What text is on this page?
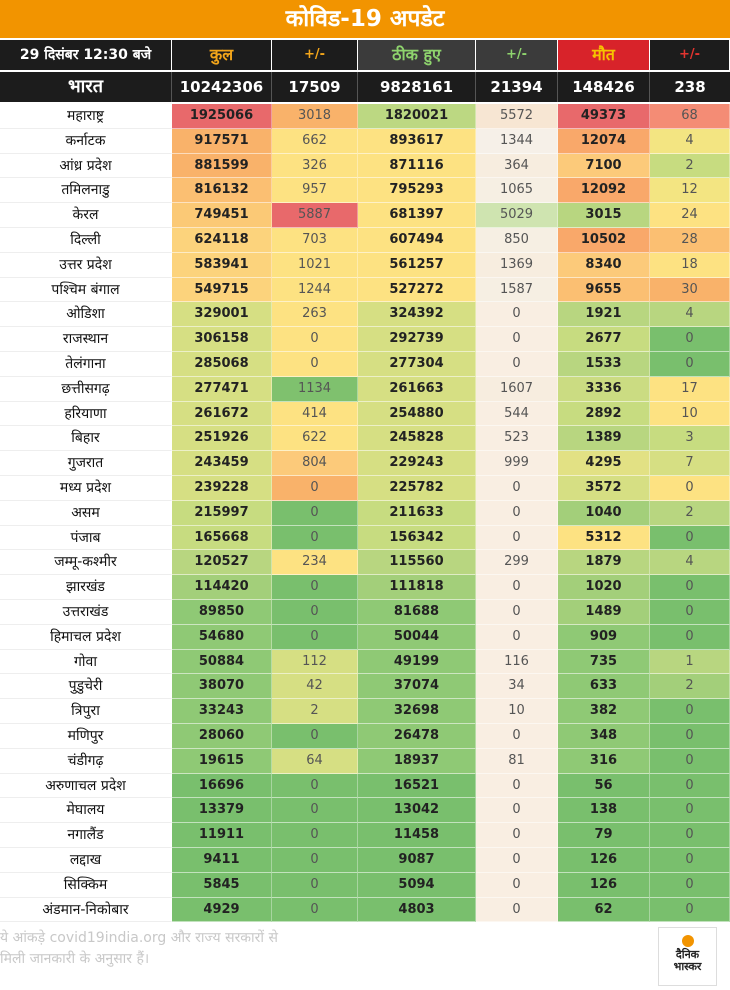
कोविड-19 अपडेट
29 दिसंबर 12:30 बजे	कुल	+/-	ठीक हुए	+/-	मौत	+/-
भारत	10242306	17509	9828161	21394	148426	238
महाराष्ट्र	1925066	3018	1820021	5572	49373	68
कर्नाटक	917571	662	893617	1344	12074	4
आंध्र प्रदेश	881599	326	871116	364	7100	2
तमिलनाडु	816132	957	795293	1065	12092	12
केरल	749451	5887	681397	5029	3015	24
दिल्ली	624118	703	607494	850	10502	28
उत्तर प्रदेश	583941	1021	561257	1369	8340	18
पश्चिम बंगाल	549715	1244	527272	1587	9655	30
ओडिशा	329001	263	324392	0	1921	4
राजस्थान	306158	0	292739	0	2677	0
तेलंगाना	285068	0	277304	0	1533	0
छत्तीसगढ़	277471	1134	261663	1607	3336	17
हरियाणा	261672	414	254880	544	2892	10
बिहार	251926	622	245828	523	1389	3
गुजरात	243459	804	229243	999	4295	7
मध्य प्रदेश	239228	0	225782	0	3572	0
असम	215997	0	211633	0	1040	2
पंजाब	165668	0	156342	0	5312	0
जम्मू-कश्मीर	120527	234	115560	299	1879	4
झारखंड	114420	0	111818	0	1020	0
उत्तराखंड	89850	0	81688	0	1489	0
हिमाचल प्रदेश	54680	0	50044	0	909	0
गोवा	50884	112	49199	116	735	1
पुडुचेरी	38070	42	37074	34	633	2
त्रिपुरा	33243	2	32698	10	382	0
मणिपुर	28060	0	26478	0	348	0
चंडीगढ़	19615	64	18937	81	316	0
अरुणाचल प्रदेश	16696	0	16521	0	56	0
मेघालय	13379	0	13042	0	138	0
नगालैंड	11911	0	11458	0	79	0
लद्दाख	9411	0	9087	0	126	0
सिक्किम	5845	0	5094	0	126	0
अंडमान-निकोबार	4929	0	4803	0	62	0
ये आंकड़े covid19india.org और राज्य सरकारों से
मिली जानकारी के अनुसार हैं।	दैनिक
भास्कर
